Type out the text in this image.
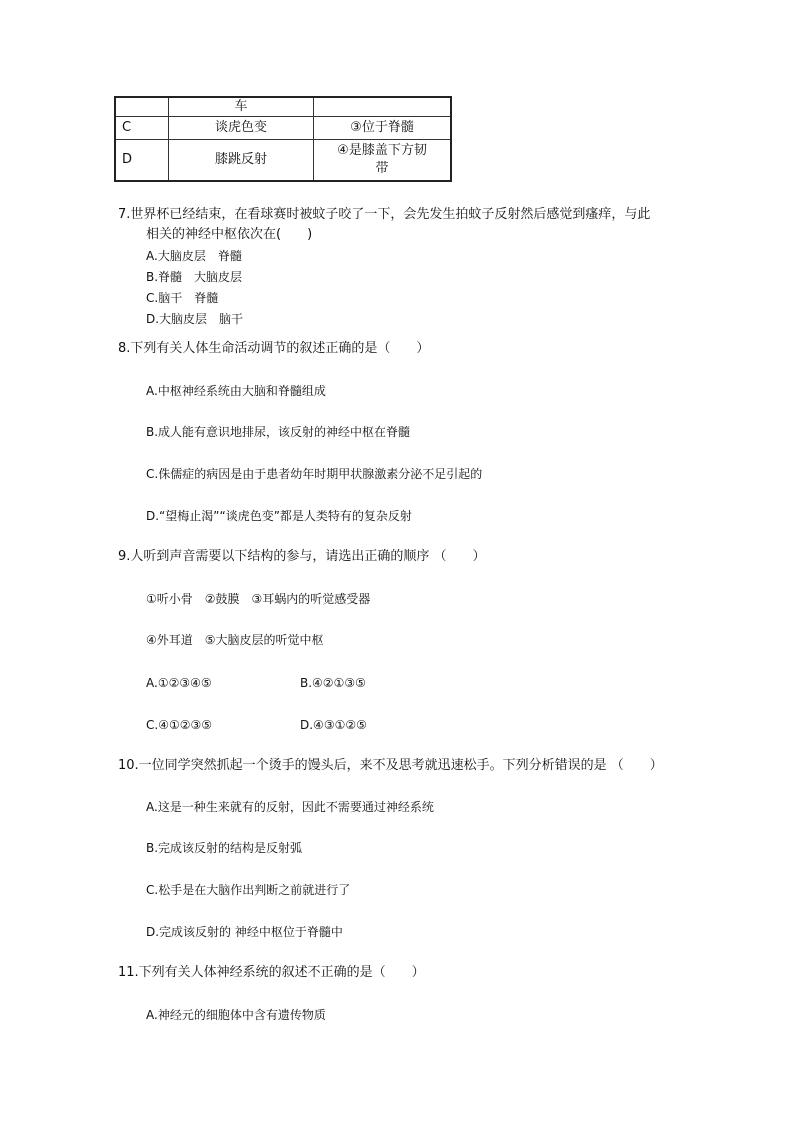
	车	
C	谈虎色变	③位于脊髓
D	膝跳反射	④是膝盖下方韧
带
7.世界杯已经结束，在看球赛时被蚊子咬了一下，会先发生拍蚊子反射然后感觉到瘙痒，与此
相关的神经中枢依次在(　　)
A.大脑皮层　脊髓
B.脊髓　大脑皮层
C.脑干　脊髓
D.大脑皮层　脑干
8.下列有关人体生命活动调节的叙述正确的是（　　）
A.中枢神经系统由大脑和脊髓组成
B.成人能有意识地排尿，该反射的神经中枢在脊髓
C.侏儒症的病因是由于患者幼年时期甲状腺激素分泌不足引起的
D.“望梅止渴”“谈虎色变”都是人类特有的复杂反射
9.人听到声音需要以下结构的参与，请选出正确的顺序 （　　）
①听小骨　②鼓膜　③耳蜗内的听觉感受器
④外耳道　⑤大脑皮层的听觉中枢
A.①②③④⑤	B.④②①③⑤
C.④①②③⑤	D.④③①②⑤
10.一位同学突然抓起一个烫手的馒头后，来不及思考就迅速松手。下列分析错误的是 （　　）
A.这是一种生来就有的反射，因此不需要通过神经系统
B.完成该反射的结构是反射弧
C.松手是在大脑作出判断之前就进行了
D.完成该反射的 神经中枢位于脊髓中
11.下列有关人体神经系统的叙述不正确的是（　　）
A.神经元的细胞体中含有遗传物质
